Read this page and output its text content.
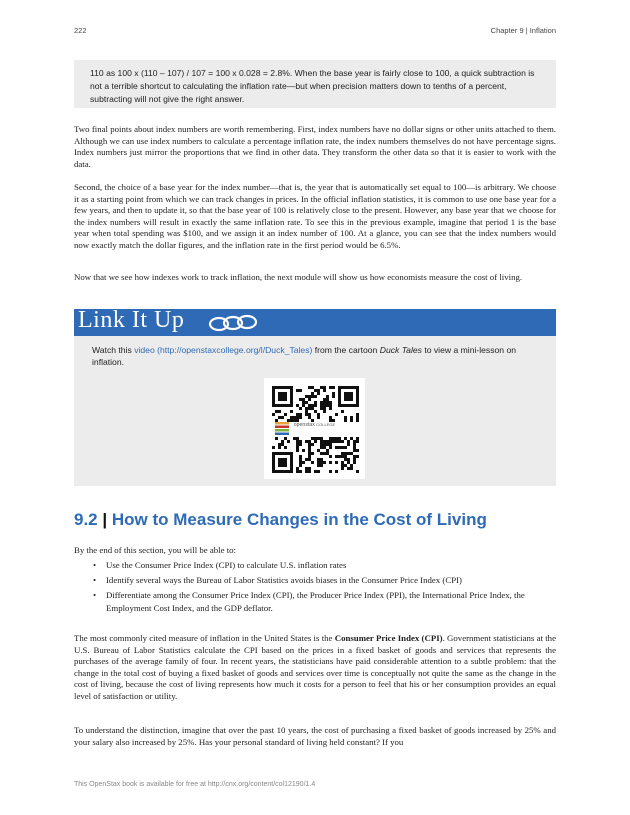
222	Chapter 9 | Inflation
110 as 100 x (110 – 107) / 107 = 100 x 0.028 = 2.8%. When the base year is fairly close to 100, a quick subtraction is not a terrible shortcut to calculating the inflation rate—but when precision matters down to tenths of a percent, subtracting will not give the right answer.
Two final points about index numbers are worth remembering. First, index numbers have no dollar signs or other units attached to them. Although we can use index numbers to calculate a percentage inflation rate, the index numbers themselves do not have percentage signs. Index numbers just mirror the proportions that we find in other data. They transform the other data so that it is easier to work with the data.
Second, the choice of a base year for the index number—that is, the year that is automatically set equal to 100—is arbitrary. We choose it as a starting point from which we can track changes in prices. In the official inflation statistics, it is common to use one base year for a few years, and then to update it, so that the base year of 100 is relatively close to the present. However, any base year that we choose for the index numbers will result in exactly the same inflation rate. To see this in the previous example, imagine that period 1 is the base year when total spending was $100, and we assign it an index number of 100. At a glance, you can see that the index numbers would now exactly match the dollar figures, and the inflation rate in the first period would be 6.5%.
Now that we see how indexes work to track inflation, the next module will show us how economists measure the cost of living.
Link It Up
Watch this video (http://openstaxcollege.org/l/Duck_Tales) from the cartoon Duck Tales to view a mini-lesson on inflation.
openstax COLLEGE
9.2 | How to Measure Changes in the Cost of Living
By the end of this section, you will be able to:
• Use the Consumer Price Index (CPI) to calculate U.S. inflation rates
• Identify several ways the Bureau of Labor Statistics avoids biases in the Consumer Price Index (CPI)
• Differentiate among the Consumer Price Index (CPI), the Producer Price Index (PPI), the International Price Index, the Employment Cost Index, and the GDP deflator.
The most commonly cited measure of inflation in the United States is the Consumer Price Index (CPI). Government statisticians at the U.S. Bureau of Labor Statistics calculate the CPI based on the prices in a fixed basket of goods and services that represents the purchases of the average family of four. In recent years, the statisticians have paid considerable attention to a subtle problem: that the change in the total cost of buying a fixed basket of goods and services over time is conceptually not quite the same as the change in the cost of living, because the cost of living represents how much it costs for a person to feel that his or her consumption provides an equal level of satisfaction or utility.
To understand the distinction, imagine that over the past 10 years, the cost of purchasing a fixed basket of goods increased by 25% and your salary also increased by 25%. Has your personal standard of living held constant? If you
This OpenStax book is available for free at http://cnx.org/content/col12190/1.4
